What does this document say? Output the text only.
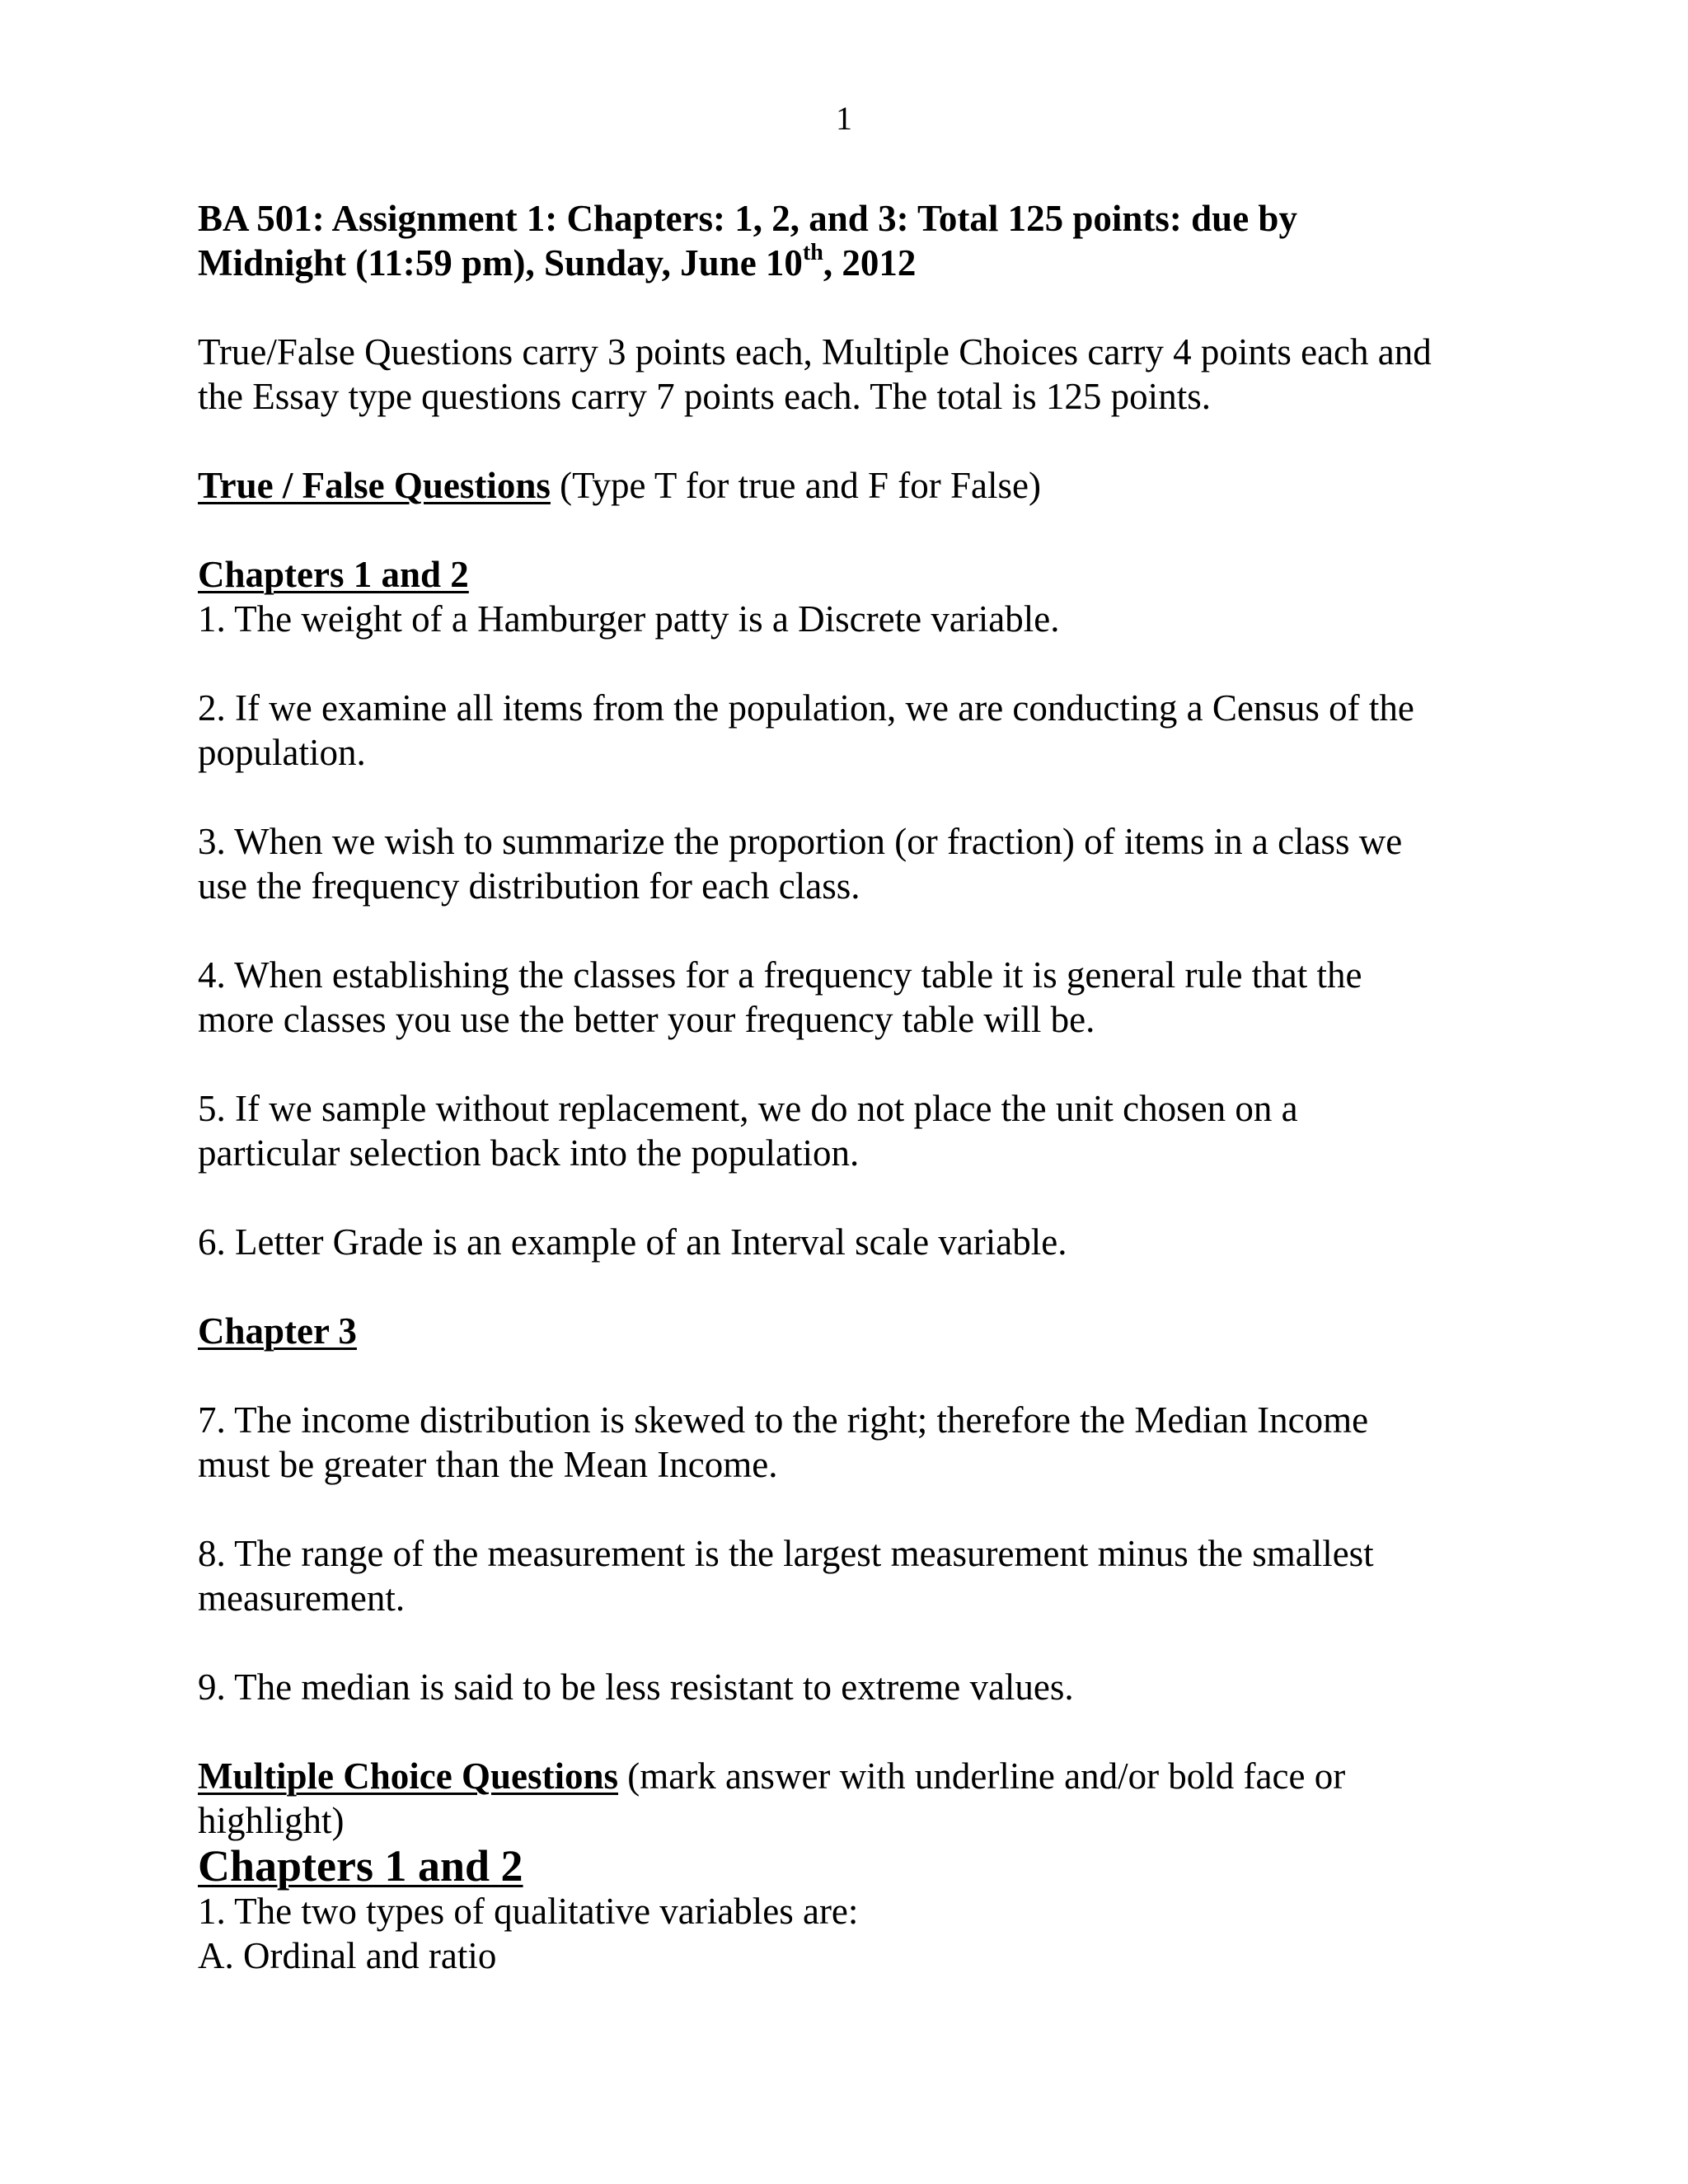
1

BA 501: Assignment 1: Chapters: 1, 2, and 3: Total 125 points: due by
Midnight (11:59 pm), Sunday, June 10th, 2012

True/False Questions carry 3 points each, Multiple Choices carry 4 points each and
the Essay type questions carry 7 points each. The total is 125 points.

True / False Questions (Type T for true and F for False)

Chapters 1 and 2

1. The weight of a Hamburger patty is a Discrete variable.

2. If we examine all items from the population, we are conducting a Census of the
population.

3. When we wish to summarize the proportion (or fraction) of items in a class we
use the frequency distribution for each class.

4. When establishing the classes for a frequency table it is general rule that the
more classes you use the better your frequency table will be.

5. If we sample without replacement, we do not place the unit chosen on a
particular selection back into the population.

6. Letter Grade is an example of an Interval scale variable.

Chapter 3

7. The income distribution is skewed to the right; therefore the Median Income
must be greater than the Mean Income.

8. The range of the measurement is the largest measurement minus the smallest
measurement.

9. The median is said to be less resistant to extreme values.

Multiple Choice Questions (mark answer with underline and/or bold face or
highlight)

Chapters 1 and 2

1. The two types of qualitative variables are:
A. Ordinal and ratio
